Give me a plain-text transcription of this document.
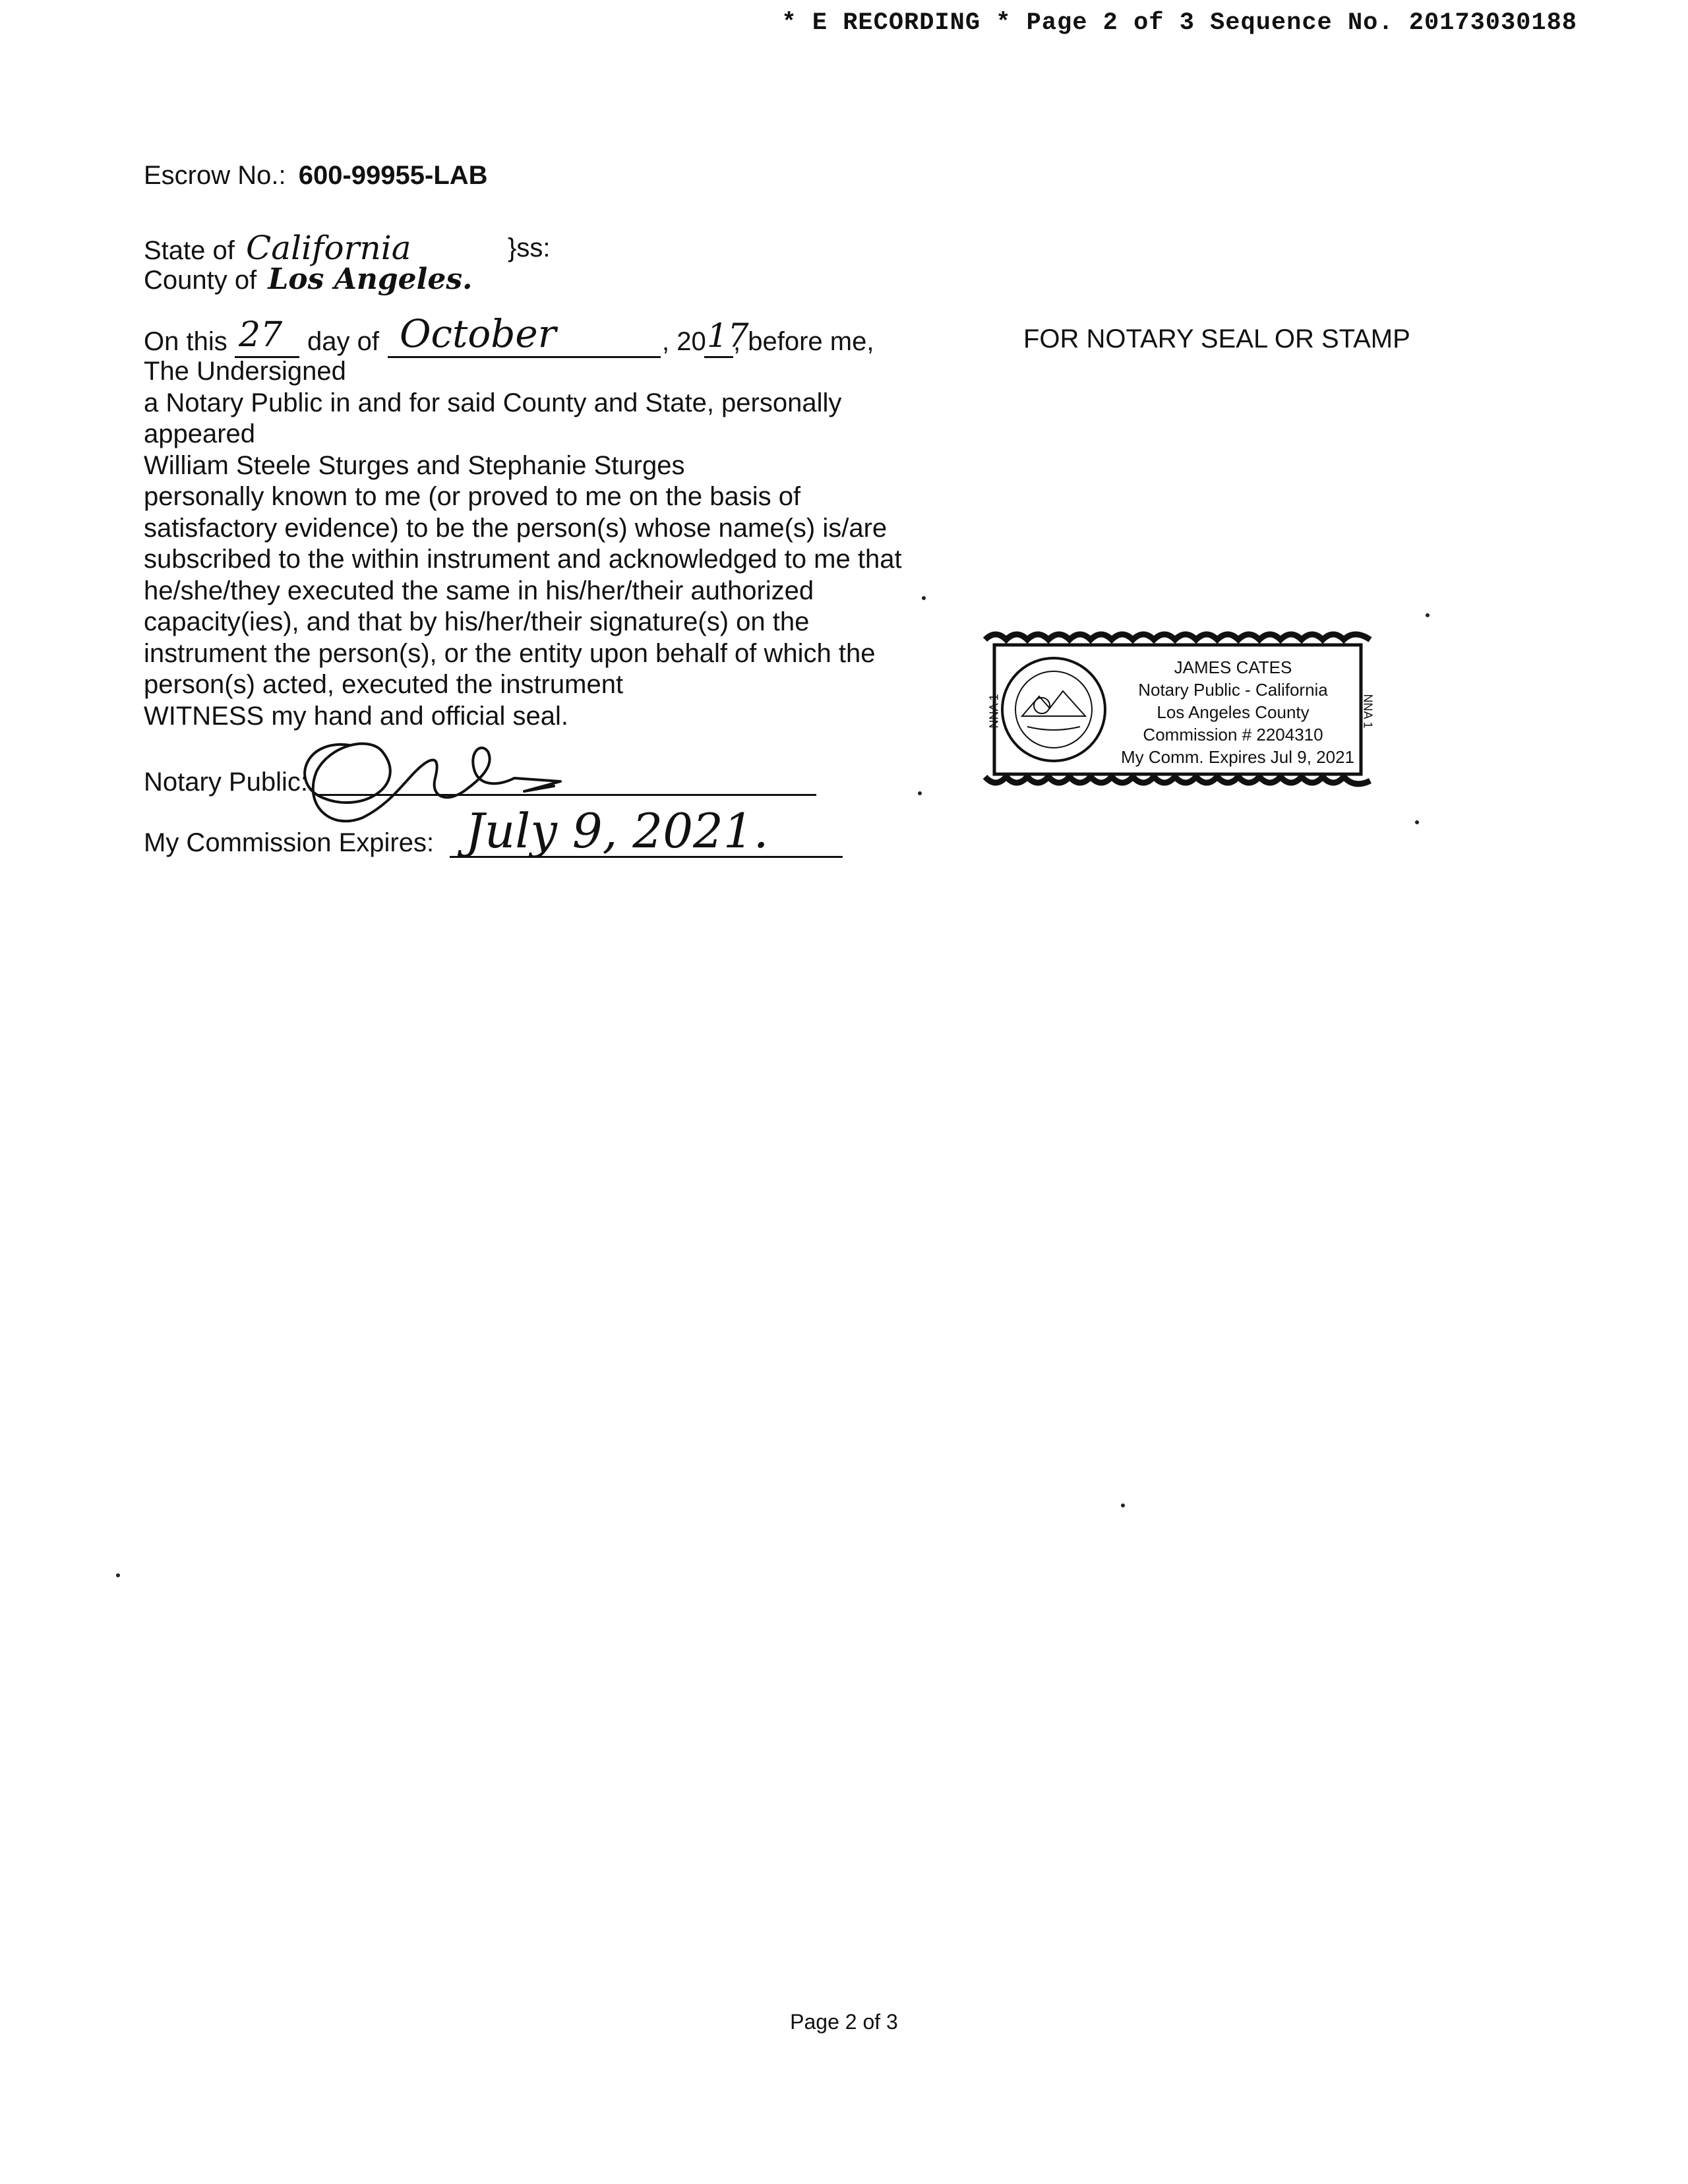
* E RECORDING * Page 2 of 3 Sequence No. 20173030188
Escrow No.: 600-99955-LAB
State of California	}ss:
County of Los Angeles.
On this 27 day of October	, 20 17
, before me,
The Undersigned
a Notary Public in and for said County and State, personally
appeared
William Steele Sturges and Stephanie Sturges
personally known to me (or proved to me on the basis of
satisfactory evidence) to be the person(s) whose name(s) is/are
subscribed to the within instrument and acknowledged to me that
he/she/they executed the same in his/her/their authorized
capacity(ies), and that by his/her/their signature(s) on the
instrument the person(s), or the entity upon behalf of which the
person(s) acted, executed the instrument
WITNESS my hand and official seal.
Notary Public:
My Commission Expires: July 9, 2021.
FOR NOTARY SEAL OR STAMP
JAMES CATES
Notary Public - California
Los Angeles County
Commission # 2204310
My Comm. Expires Jul 9, 2021
NNA 1	NNA 1
Page 2 of 3
